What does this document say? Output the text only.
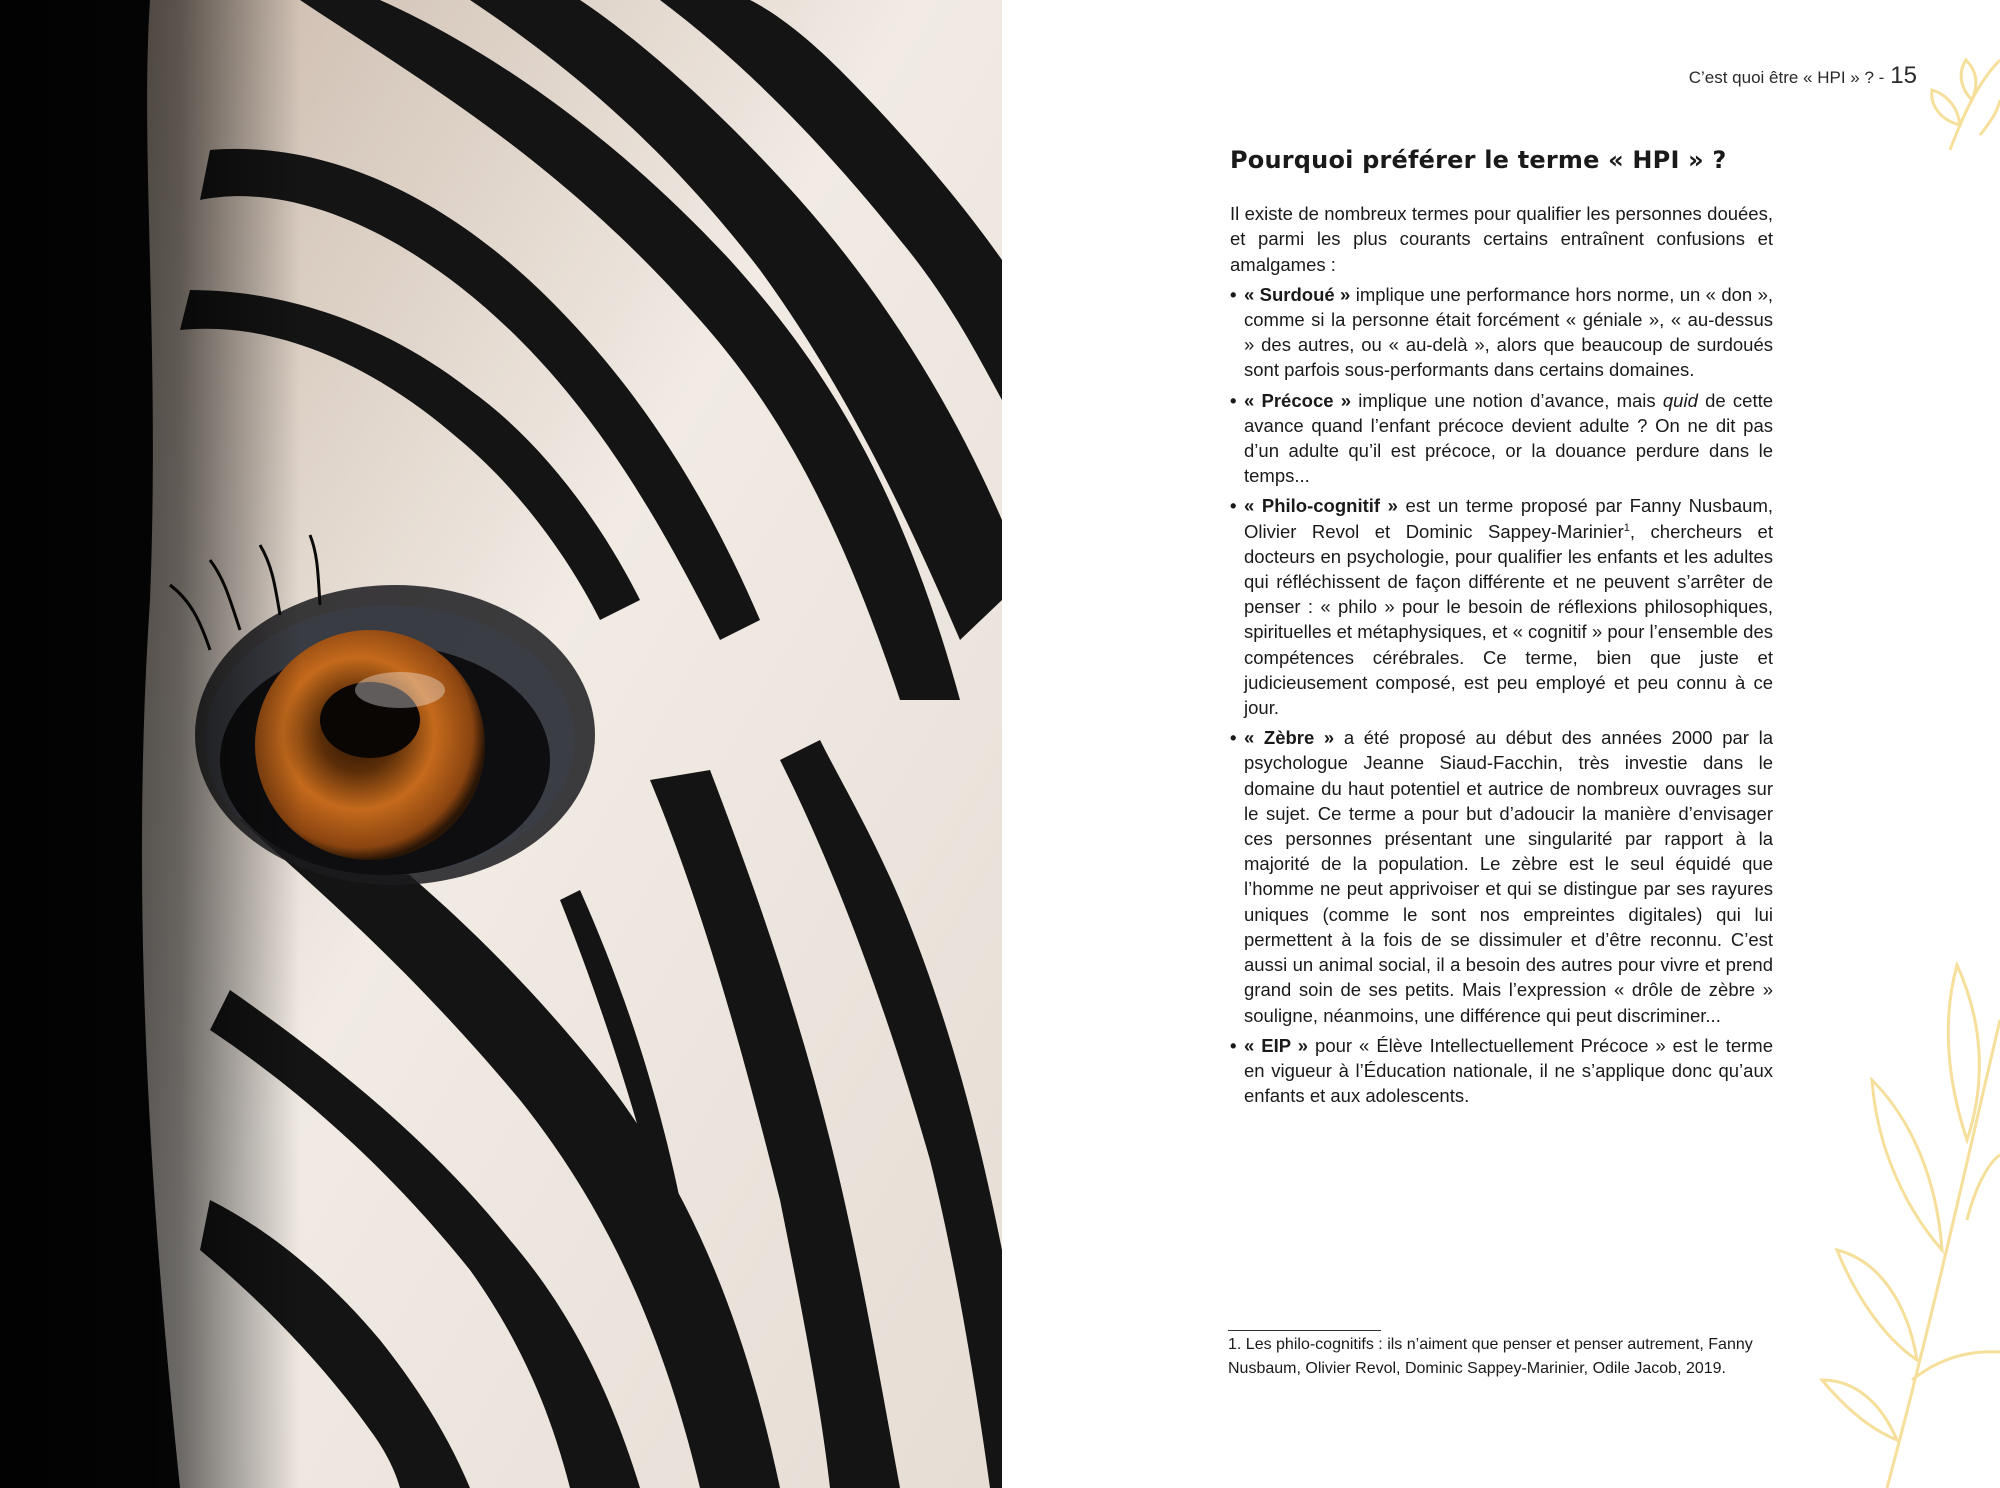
C’est quoi être « HPI » ? - 15
Pourquoi préférer le terme « HPI » ?

Il existe de nombreux termes pour qualifier les personnes douées, et parmi les plus courants certains entraînent confusions et amalgames :

• « Surdoué » implique une performance hors norme, un « don », comme si la personne était forcément « géniale », « au-dessus » des autres, ou « au-delà », alors que beaucoup de surdoués sont parfois sous-performants dans certains domaines.
• « Précoce » implique une notion d’avance, mais quid de cette avance quand l’enfant précoce devient adulte ? On ne dit pas d’un adulte qu’il est précoce, or la douance perdure dans le temps...
• « Philo-cognitif » est un terme proposé par Fanny Nusbaum, Olivier Revol et Dominic Sappey-Marinier$^1$, chercheurs et docteurs en psychologie, pour qualifier les enfants et les adultes qui réfléchissent de façon différente et ne peuvent s’arrêter de penser : « philo » pour le besoin de réflexions philosophiques, spirituelles et métaphysiques, et « cognitif » pour l’ensemble des compétences cérébrales. Ce terme, bien que juste et judicieusement composé, est peu employé et peu connu à ce jour.
• « Zèbre » a été proposé au début des années 2000 par la psychologue Jeanne Siaud-Facchin, très investie dans le domaine du haut potentiel et autrice de nombreux ouvrages sur le sujet. Ce terme a pour but d’adoucir la manière d’envisager ces personnes présentant une singularité par rapport à la majorité de la population. Le zèbre est le seul équidé que l’homme ne peut apprivoiser et qui se distingue par ses rayures uniques (comme le sont nos empreintes digitales) qui lui permettent à la fois de se dissimuler et d’être reconnu. C’est aussi un animal social, il a besoin des autres pour vivre et prend grand soin de ses petits. Mais l’expression « drôle de zèbre » souligne, néanmoins, une différence qui peut discriminer...
• « EIP » pour « Élève Intellectuellement Précoce » est le terme en vigueur à l’Éducation nationale, il ne s’applique donc qu’aux enfants et aux adolescents.
1. Les philo-cognitifs : ils n’aiment que penser et penser autrement, Fanny Nusbaum, Olivier Revol, Dominic Sappey-Marinier, Odile Jacob, 2019.
